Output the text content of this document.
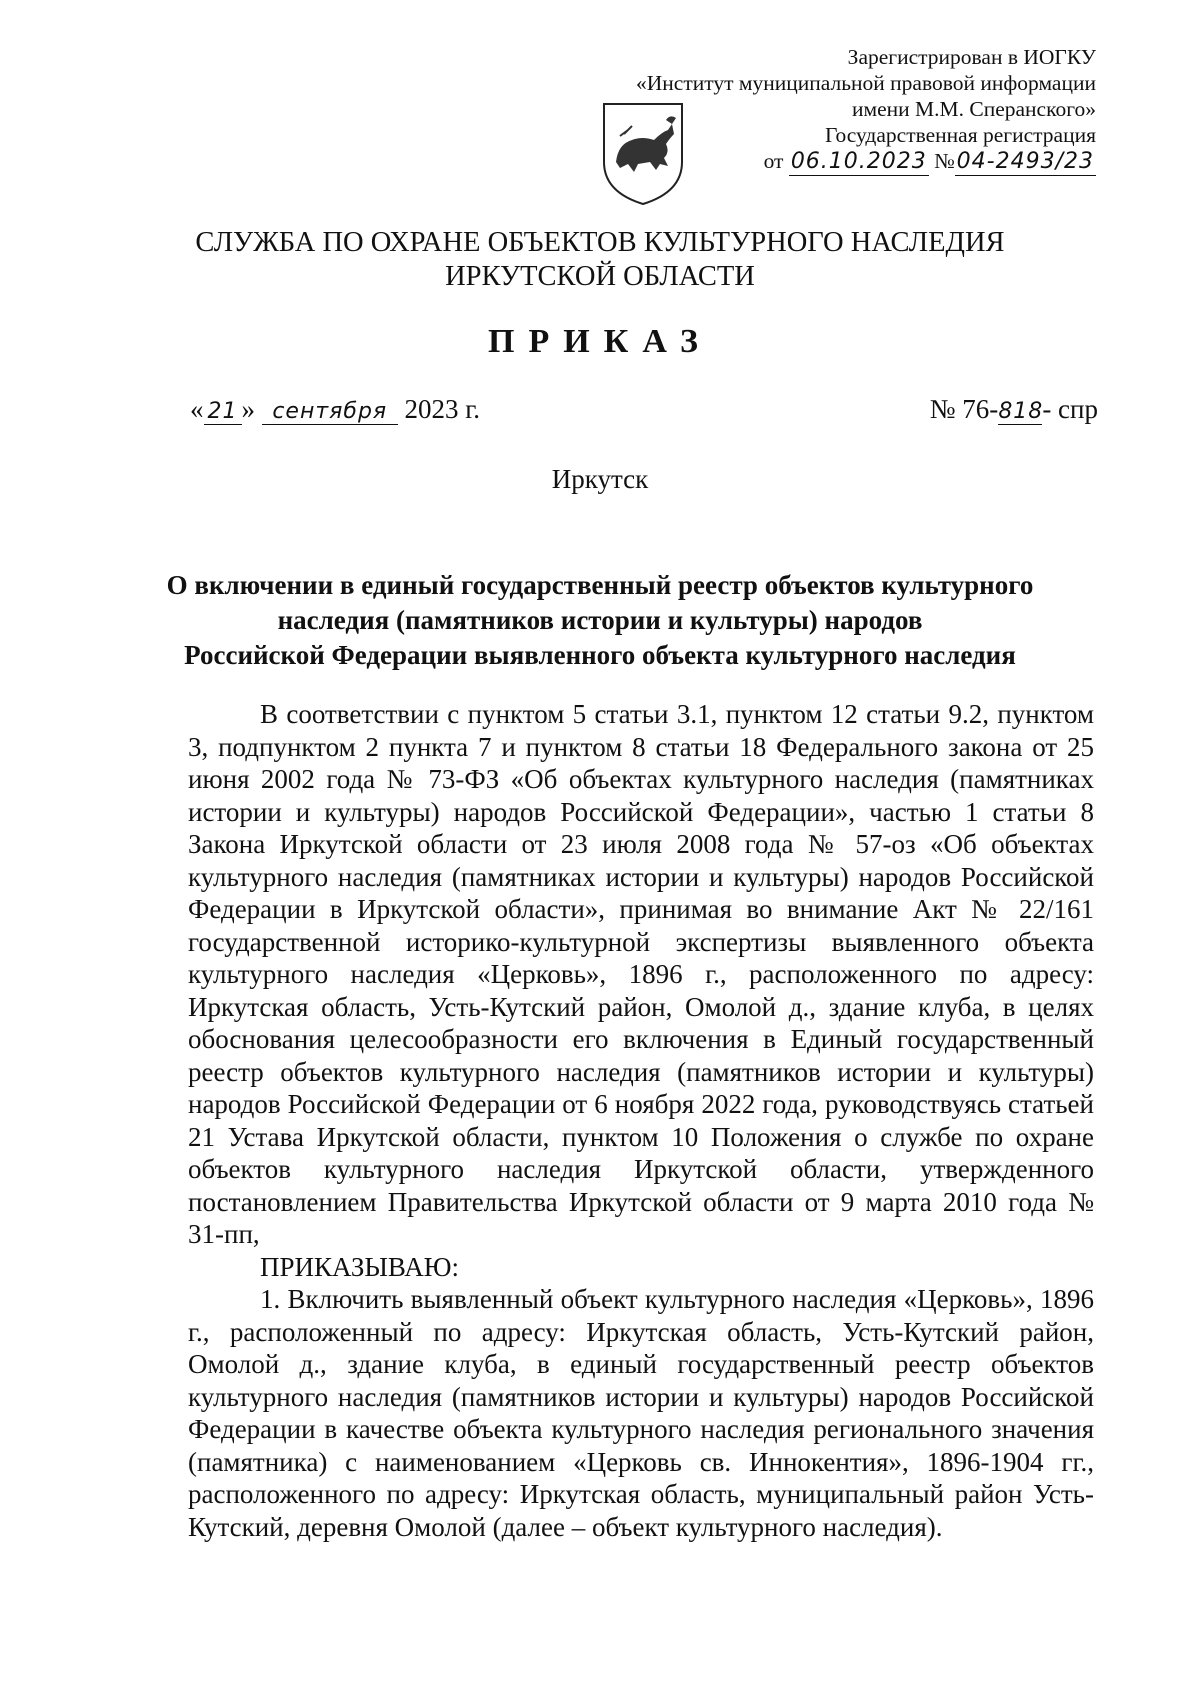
Зарегистрирован в ИОГКУ
«Институт муниципальной правовой информации
имени М.М. Сперанского»
Государственная регистрация
от 06.10.2023 №04-2493/23
СЛУЖБА ПО ОХРАНЕ ОБЪЕКТОВ КУЛЬТУРНОГО НАСЛЕДИЯ
ИРКУТСКОЙ ОБЛАСТИ
ПРИКАЗ
« 21 » сентября 2023 г.	№ 76-818- спр
Иркутск
О включении в единый государственный реестр объектов культурного
наследия (памятников истории и культуры) народов
Российской Федерации выявленного объекта культурного наследия

В соответствии с пунктом 5 статьи 3.1, пунктом 12 статьи 9.2, пунктом 3, подпунктом 2 пункта 7 и пунктом 8 статьи 18 Федерального закона от 25 июня 2002 года № 73-ФЗ «Об объектах культурного наследия (памятниках истории и культуры) народов Российской Федерации», частью 1 статьи 8 Закона Иркутской области от 23 июля 2008 года № 57-оз «Об объектах культурного наследия (памятниках истории и культуры) народов Российской Федерации в Иркутской области», принимая во внимание Акт № 22/161 государственной историко-культурной экспертизы выявленного объекта культурного наследия «Церковь», 1896 г., расположенного по адресу: Иркутская область, Усть-Кутский район, Омолой д., здание клуба, в целях обоснования целесообразности его включения в Единый государственный реестр объектов культурного наследия (памятников истории и культуры) народов Российской Федерации от 6 ноября 2022 года, руководствуясь статьей 21 Устава Иркутской области, пунктом 10 Положения о службе по охране объектов культурного наследия Иркутской области, утвержденного постановлением Правительства Иркутской области от 9 марта 2010 года № 31-пп,

ПРИКАЗЫВАЮ:

1. Включить выявленный объект культурного наследия «Церковь», 1896 г., расположенный по адресу: Иркутская область, Усть-Кутский район, Омолой д., здание клуба, в единый государственный реестр объектов культурного наследия (памятников истории и культуры) народов Российской Федерации в качестве объекта культурного наследия регионального значения (памятника) с наименованием «Церковь св. Иннокентия», 1896-1904 гг., расположенного по адресу: Иркутская область, муниципальный район Усть-Кутский, деревня Омолой (далее – объект культурного наследия).
